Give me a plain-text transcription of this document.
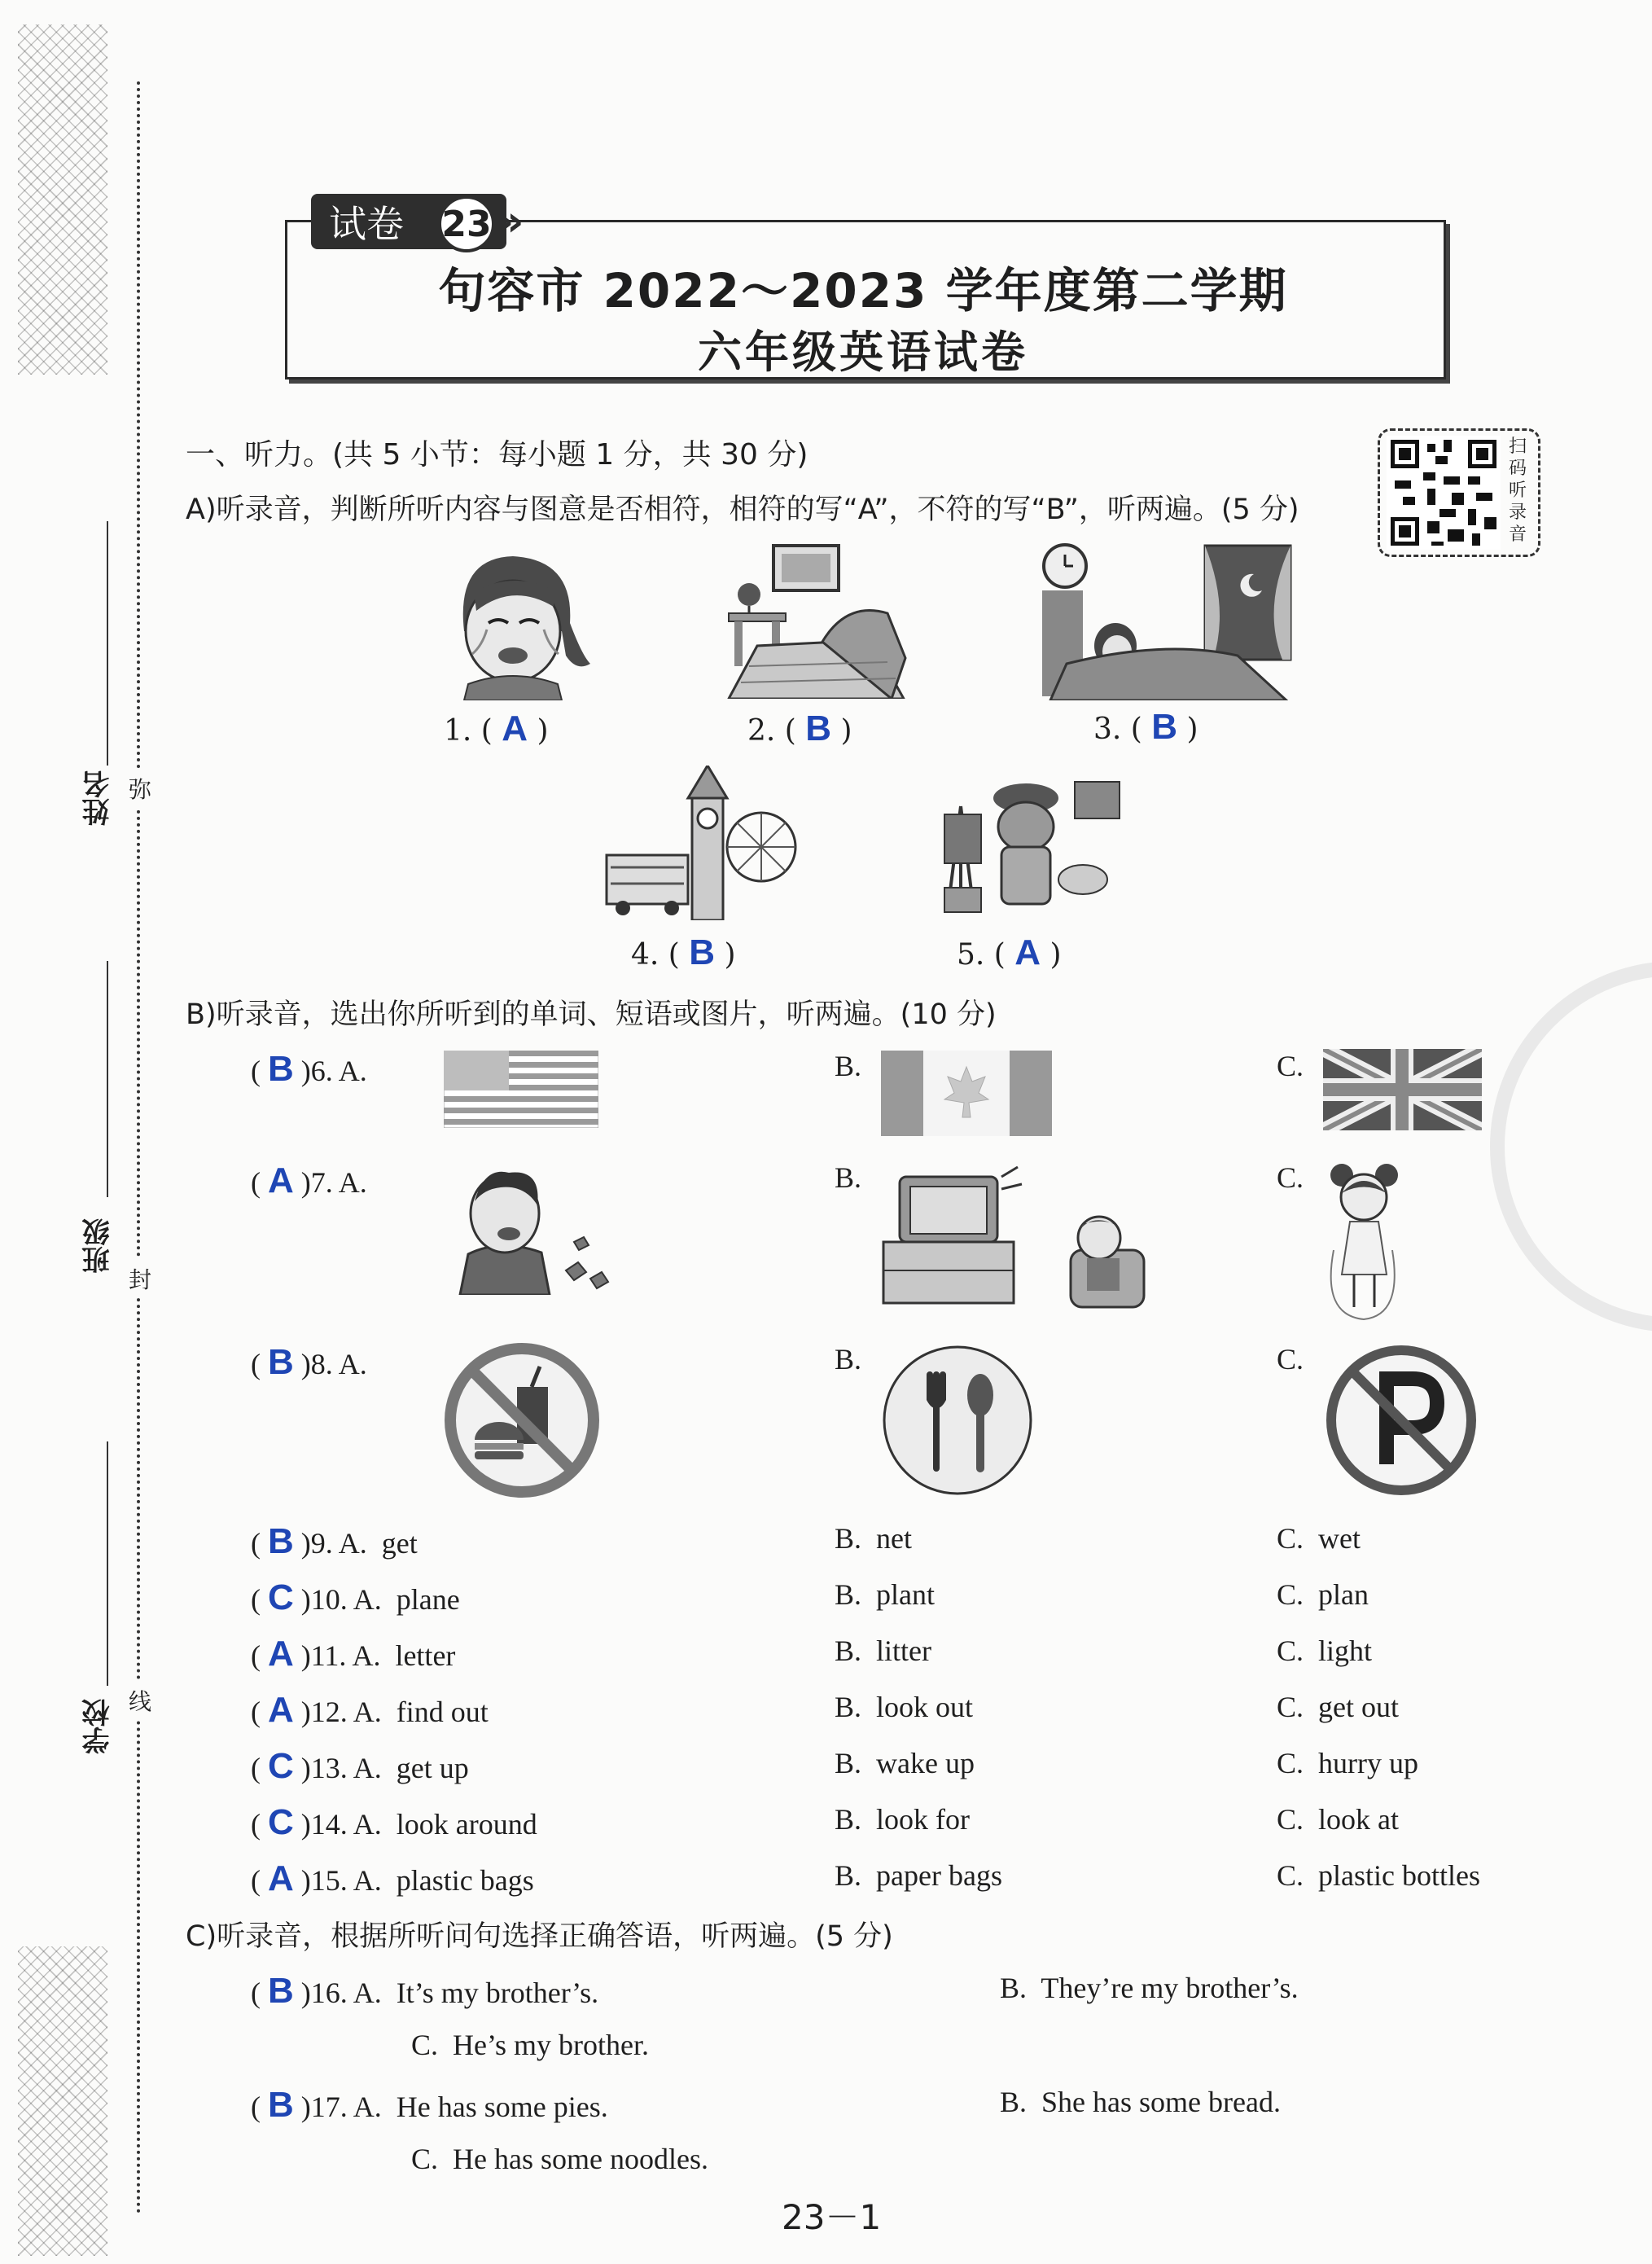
姓名
班级
学校
弥
封
线
试卷 23 »
句容市 2022～2023 学年度第二学期
六年级英语试卷
一、听力。(共 5 小节：每小题 1 分，共 30 分)
A)听录音，判断所听内容与图意是否相符，相符的写“A”，不符的写“B”，听两遍。(5 分)
扫码听录音
1. ( A )	2. ( B )	3. ( B )
4. ( B )	5. ( A )
B)听录音，选出你所听到的单词、短语或图片，听两遍。(10 分)
( B )6. A.	B.	C.
( A )7. A.	B.	C.
( B )8. A.	B.	C.
( B )9. A.  get	B.  net	C.  wet
( C )10. A.  plane	B.  plant	C.  plan
( A )11. A.  letter	B.  litter	C.  light
( A )12. A.  find out	B.  look out	C.  get out
( C )13. A.  get up	B.  wake up	C.  hurry up
( C )14. A.  look around	B.  look for	C.  look at
( A )15. A.  plastic bags	B.  paper bags	C.  plastic bottles
C)听录音，根据所听问句选择正确答语，听两遍。(5 分)
( B )16. A.  It’s my brother’s.	B.  They’re my brother’s.
C.  He’s my brother.
( B )17. A.  He has some pies.	B.  She has some bread.
C.  He has some noodles.
23－1
